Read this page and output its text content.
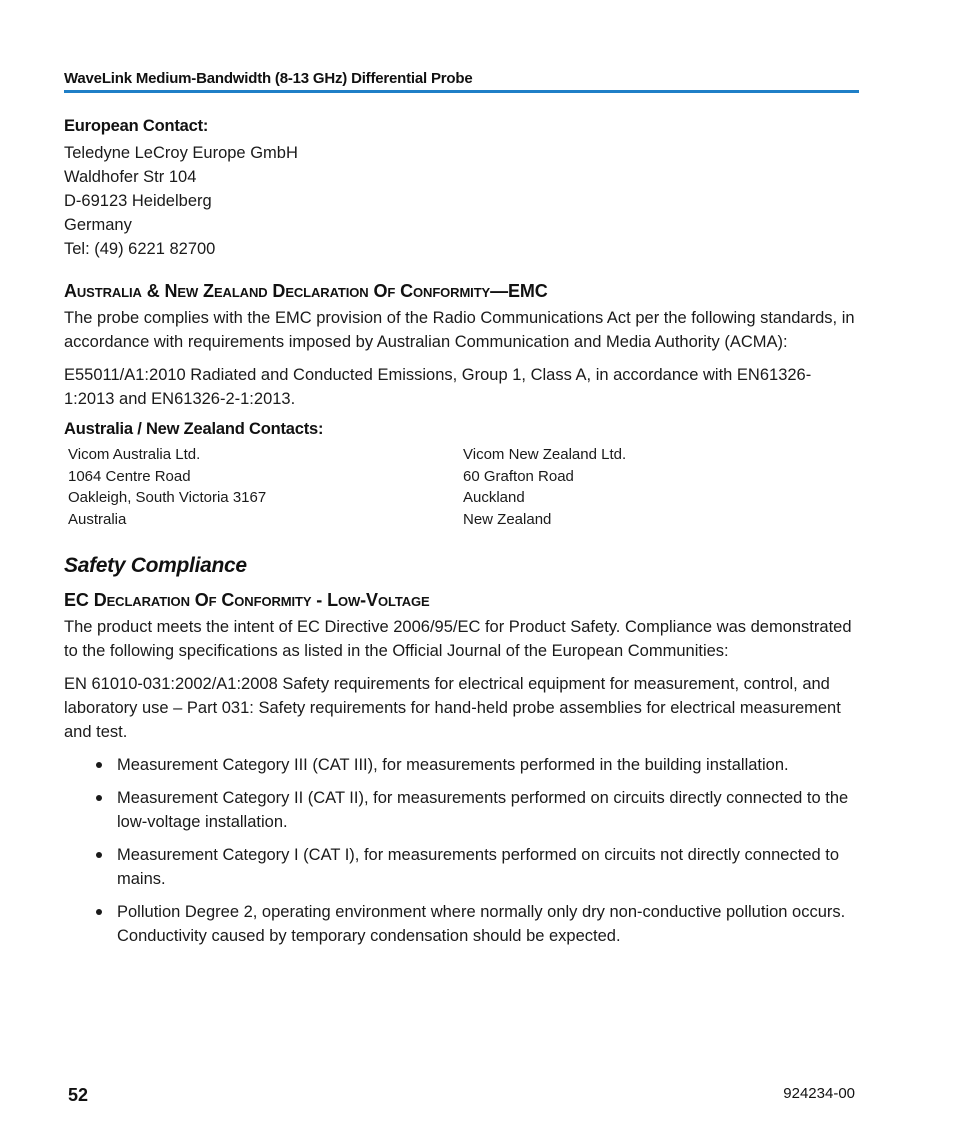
WaveLink Medium-Bandwidth (8-13 GHz) Differential Probe
European Contact:

Teledyne LeCroy Europe GmbH

Waldhofer Str 104

D-69123 Heidelberg

Germany

Tel: (49) 6221 82700

Australia & New Zealand Declaration Of Conformity—EMC

The probe complies with the EMC provision of the Radio Communications Act per the following standards, in accordance with requirements imposed by Australian Communication and Media Authority (ACMA):

E55011/A1:2010 Radiated and Conducted Emissions, Group 1, Class A, in accordance with EN61326-1:2013 and EN61326-2-1:2013.

Australia / New Zealand Contacts:

Vicom Australia Ltd.

1064 Centre Road

Oakleigh, South Victoria 3167

Australia

Vicom New Zealand Ltd.

60 Grafton Road

Auckland

New Zealand

Safety Compliance
EC Declaration Of Conformity - Low-Voltage

The product meets the intent of EC Directive 2006/95/EC for Product Safety. Compliance was demonstrated to the following specifications as listed in the Official Journal of the European Communities:

EN 61010-031:2002/A1:2008 Safety requirements for electrical equipment for measurement, control, and laboratory use – Part 031: Safety requirements for hand-held probe assemblies for electrical measurement and test.

Measurement Category III (CAT III), for measurements performed in the building installation.
Measurement Category II (CAT II), for measurements performed on circuits directly connected to the low-voltage installation.
Measurement Category I (CAT I), for measurements performed on circuits not directly connected to mains.
Pollution Degree 2, operating environment where normally only dry non-conductive pollution occurs. Conductivity caused by temporary condensation should be expected.
52	924234-00
